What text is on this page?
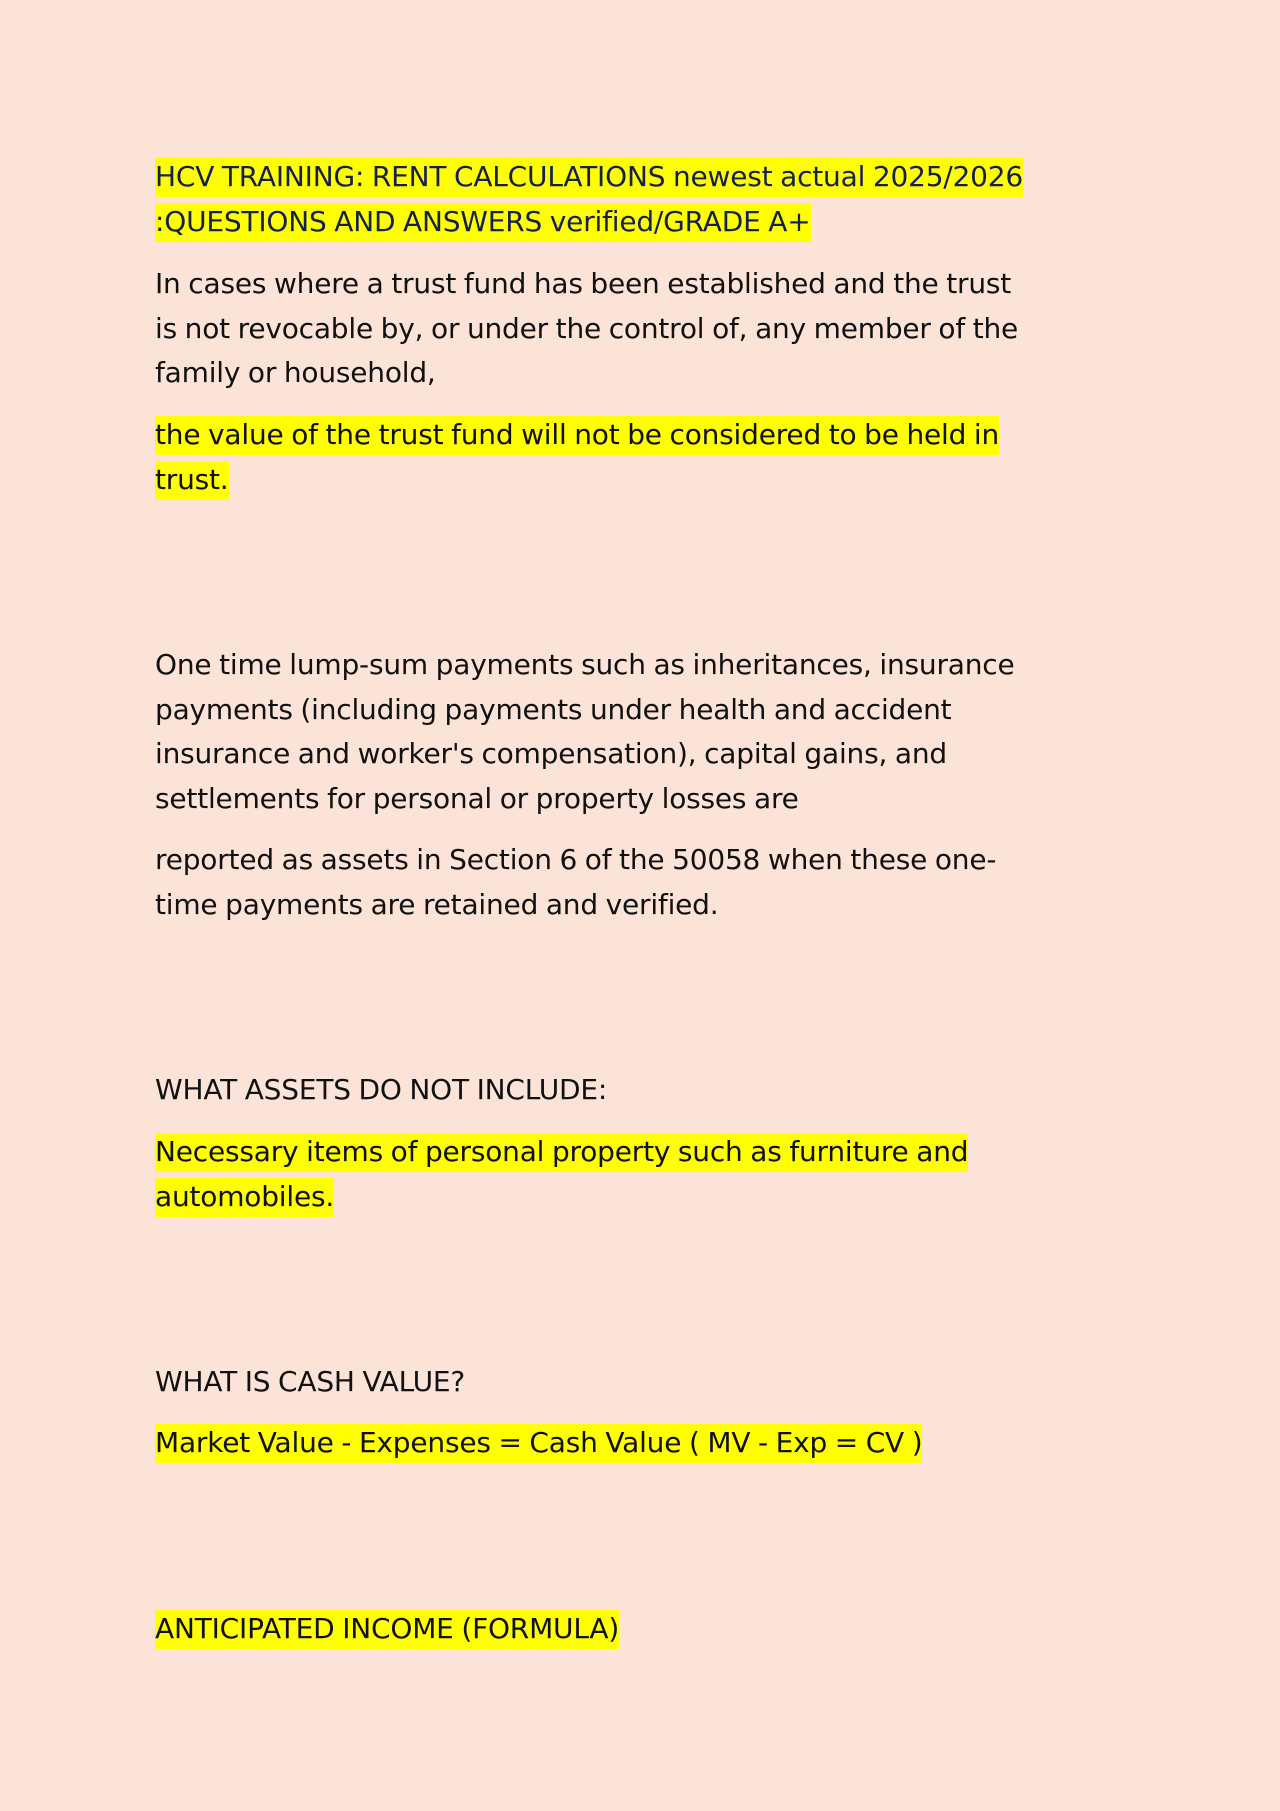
HCV TRAINING: RENT CALCULATIONS newest actual 2025/2026
:QUESTIONS AND ANSWERS verified/GRADE A+
In cases where a trust fund has been established and the trust
is not revocable by, or under the control of, any member of the
family or household,
the value of the trust fund will not be considered to be held in
trust.
One time lump-sum payments such as inheritances, insurance
payments (including payments under health and accident
insurance and worker's compensation), capital gains, and
settlements for personal or property losses are
reported as assets in Section 6 of the 50058 when these one-
time payments are retained and verified.
WHAT ASSETS DO NOT INCLUDE:
Necessary items of personal property such as furniture and
automobiles.
WHAT IS CASH VALUE?
Market Value - Expenses = Cash Value ( MV - Exp = CV )
ANTICIPATED INCOME (FORMULA)
